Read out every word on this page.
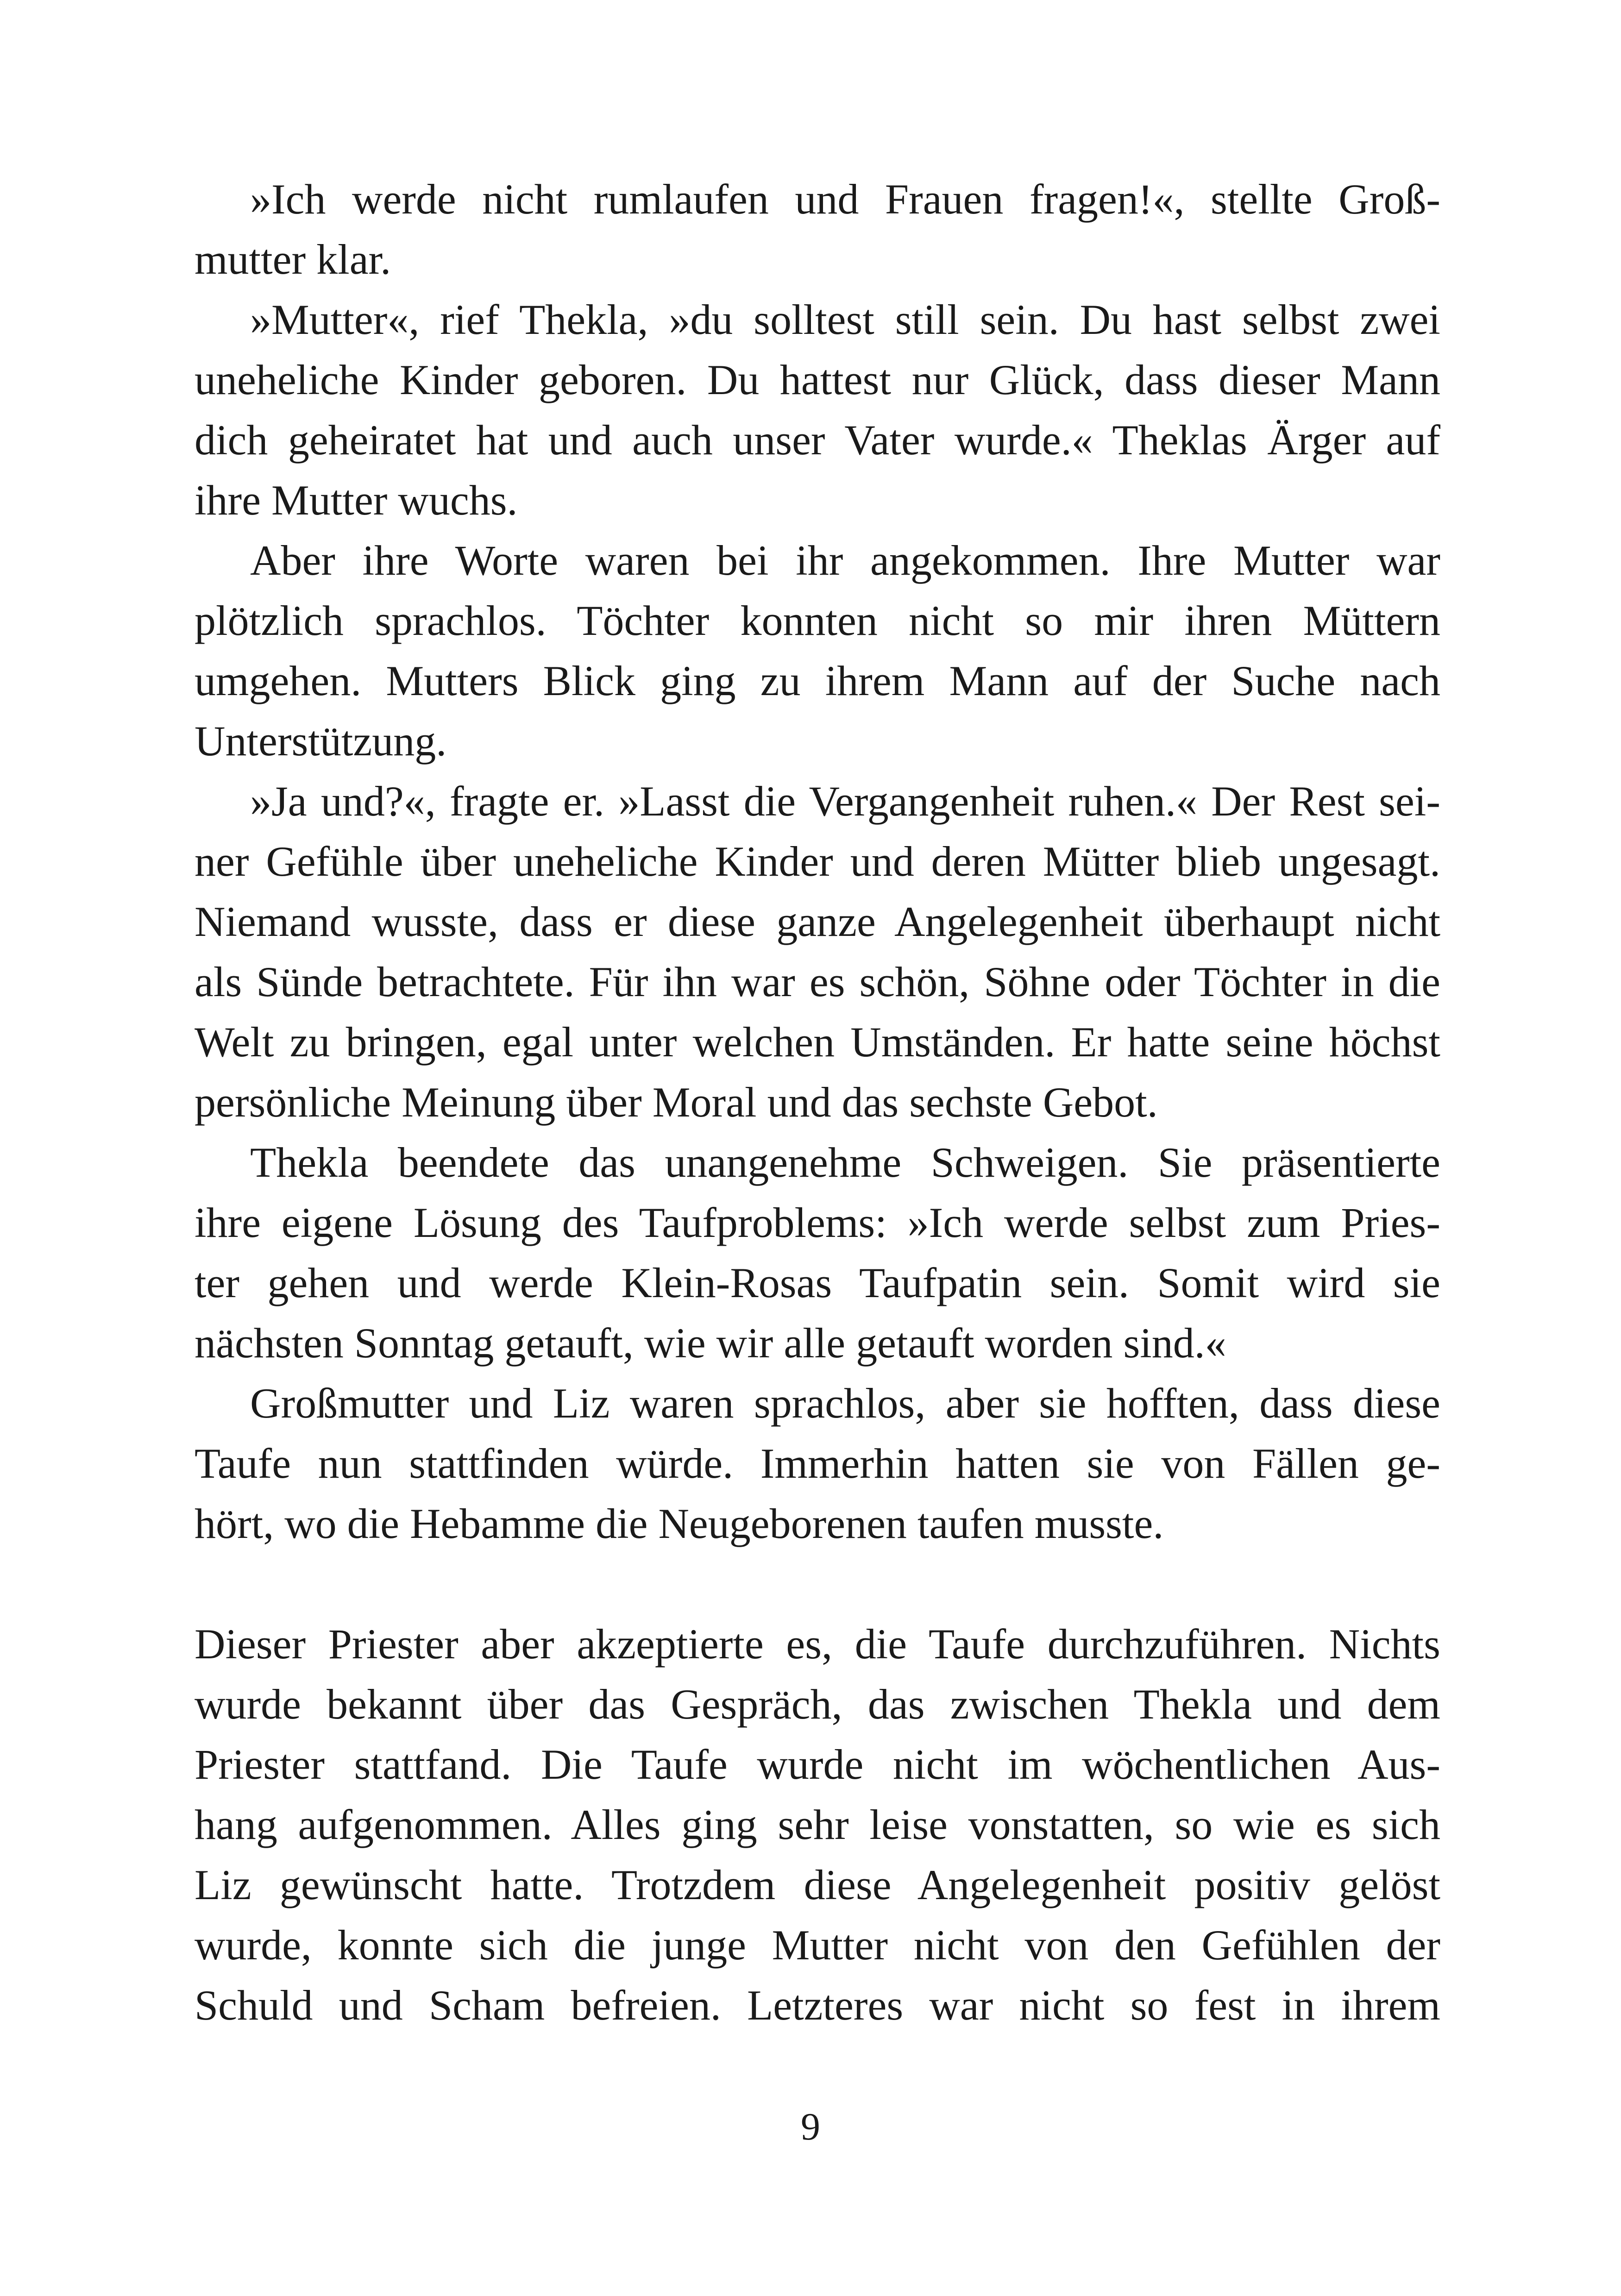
»Ich werde nicht rumlaufen und Frauen fragen!«, stellte Groß-
mutter klar.
»Mutter«, rief Thekla, »du solltest still sein. Du hast selbst zwei
uneheliche Kinder geboren. Du hattest nur Glück, dass dieser Mann
dich geheiratet hat und auch unser Vater wurde.« Theklas Ärger auf
ihre Mutter wuchs.
Aber ihre Worte waren bei ihr angekommen. Ihre Mutter war
plötzlich sprachlos. Töchter konnten nicht so mir ihren Müttern
umgehen. Mutters Blick ging zu ihrem Mann auf der Suche nach
Unterstützung.
»Ja und?«, fragte er. »Lasst die Vergangenheit ruhen.« Der Rest sei-
ner Gefühle über uneheliche Kinder und deren Mütter blieb ungesagt.
Niemand wusste, dass er diese ganze Angelegenheit überhaupt nicht
als Sünde betrachtete. Für ihn war es schön, Söhne oder Töchter in die
Welt zu bringen, egal unter welchen Umständen. Er hatte seine höchst
persönliche Meinung über Moral und das sechste Gebot.
Thekla beendete das unangenehme Schweigen. Sie präsentierte
ihre eigene Lösung des Taufproblems: »Ich werde selbst zum Pries-
ter gehen und werde Klein-Rosas Taufpatin sein. Somit wird sie
nächsten Sonntag getauft, wie wir alle getauft worden sind.«
Großmutter und Liz waren sprachlos, aber sie hofften, dass diese
Taufe nun stattfinden würde. Immerhin hatten sie von Fällen ge-
hört, wo die Hebamme die Neugeborenen taufen musste.
Dieser Priester aber akzeptierte es, die Taufe durchzuführen. Nichts
wurde bekannt über das Gespräch, das zwischen Thekla und dem
Priester stattfand. Die Taufe wurde nicht im wöchentlichen Aus-
hang aufgenommen. Alles ging sehr leise vonstatten, so wie es sich
Liz gewünscht hatte. Trotzdem diese Angelegenheit positiv gelöst
wurde, konnte sich die junge Mutter nicht von den Gefühlen der
Schuld und Scham befreien. Letzteres war nicht so fest in ihrem
9
